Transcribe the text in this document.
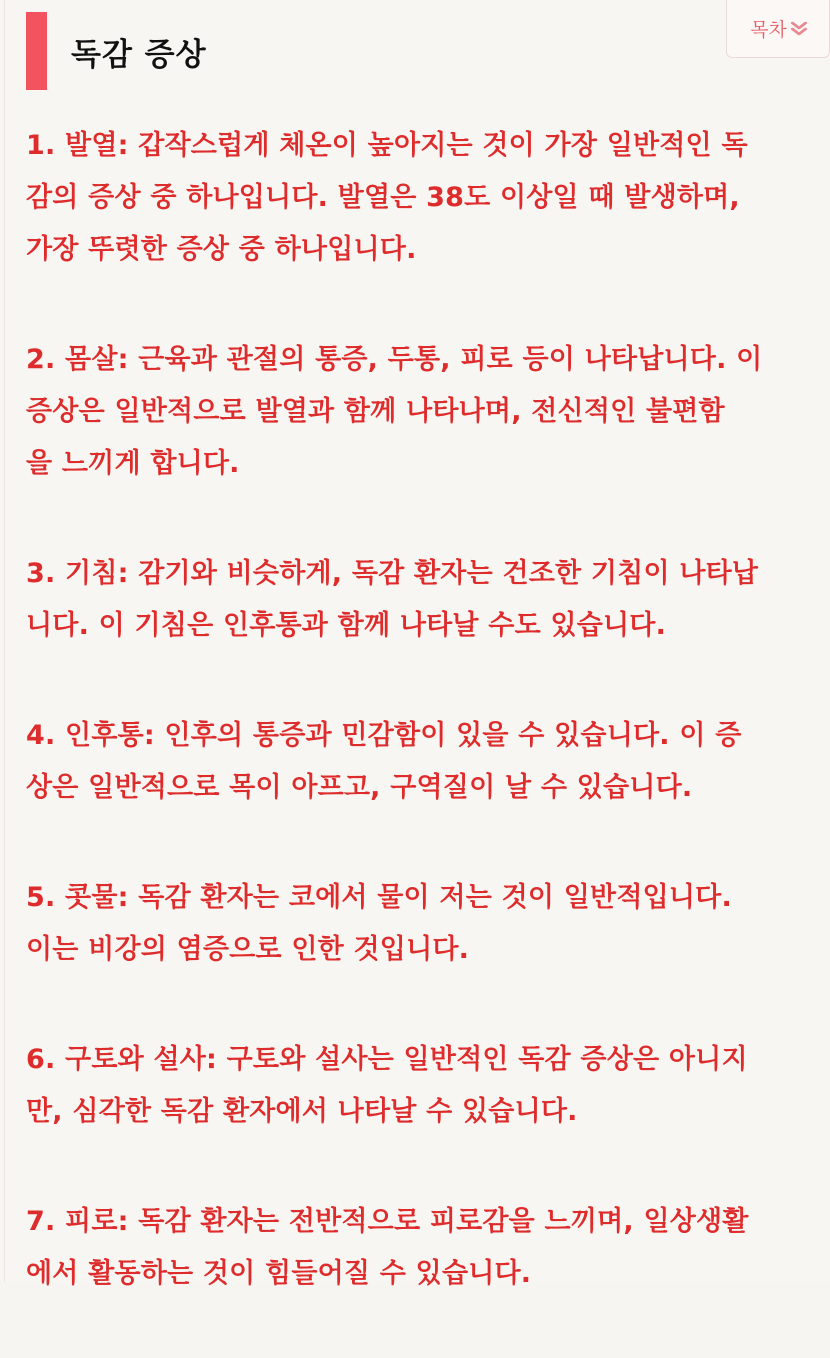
독감 증상
목차
1. 발열: 갑작스럽게 체온이 높아지는 것이 가장 일반적인 독
감의 증상 중 하나입니다. 발열은 38도 이상일 때 발생하며,
가장 뚜렷한 증상 중 하나입니다.
2. 몸살: 근육과 관절의 통증, 두통, 피로 등이 나타납니다. 이
증상은 일반적으로 발열과 함께 나타나며, 전신적인 불편함
을 느끼게 합니다.
3. 기침: 감기와 비슷하게, 독감 환자는 건조한 기침이 나타납
니다. 이 기침은 인후통과 함께 나타날 수도 있습니다.
4. 인후통: 인후의 통증과 민감함이 있을 수 있습니다. 이 증
상은 일반적으로 목이 아프고, 구역질이 날 수 있습니다.
5. 콧물: 독감 환자는 코에서 물이 저는 것이 일반적입니다.
이는 비강의 염증으로 인한 것입니다.
6. 구토와 설사: 구토와 설사는 일반적인 독감 증상은 아니지
만, 심각한 독감 환자에서 나타날 수 있습니다.
7. 피로: 독감 환자는 전반적으로 피로감을 느끼며, 일상생활
에서 활동하는 것이 힘들어질 수 있습니다.
